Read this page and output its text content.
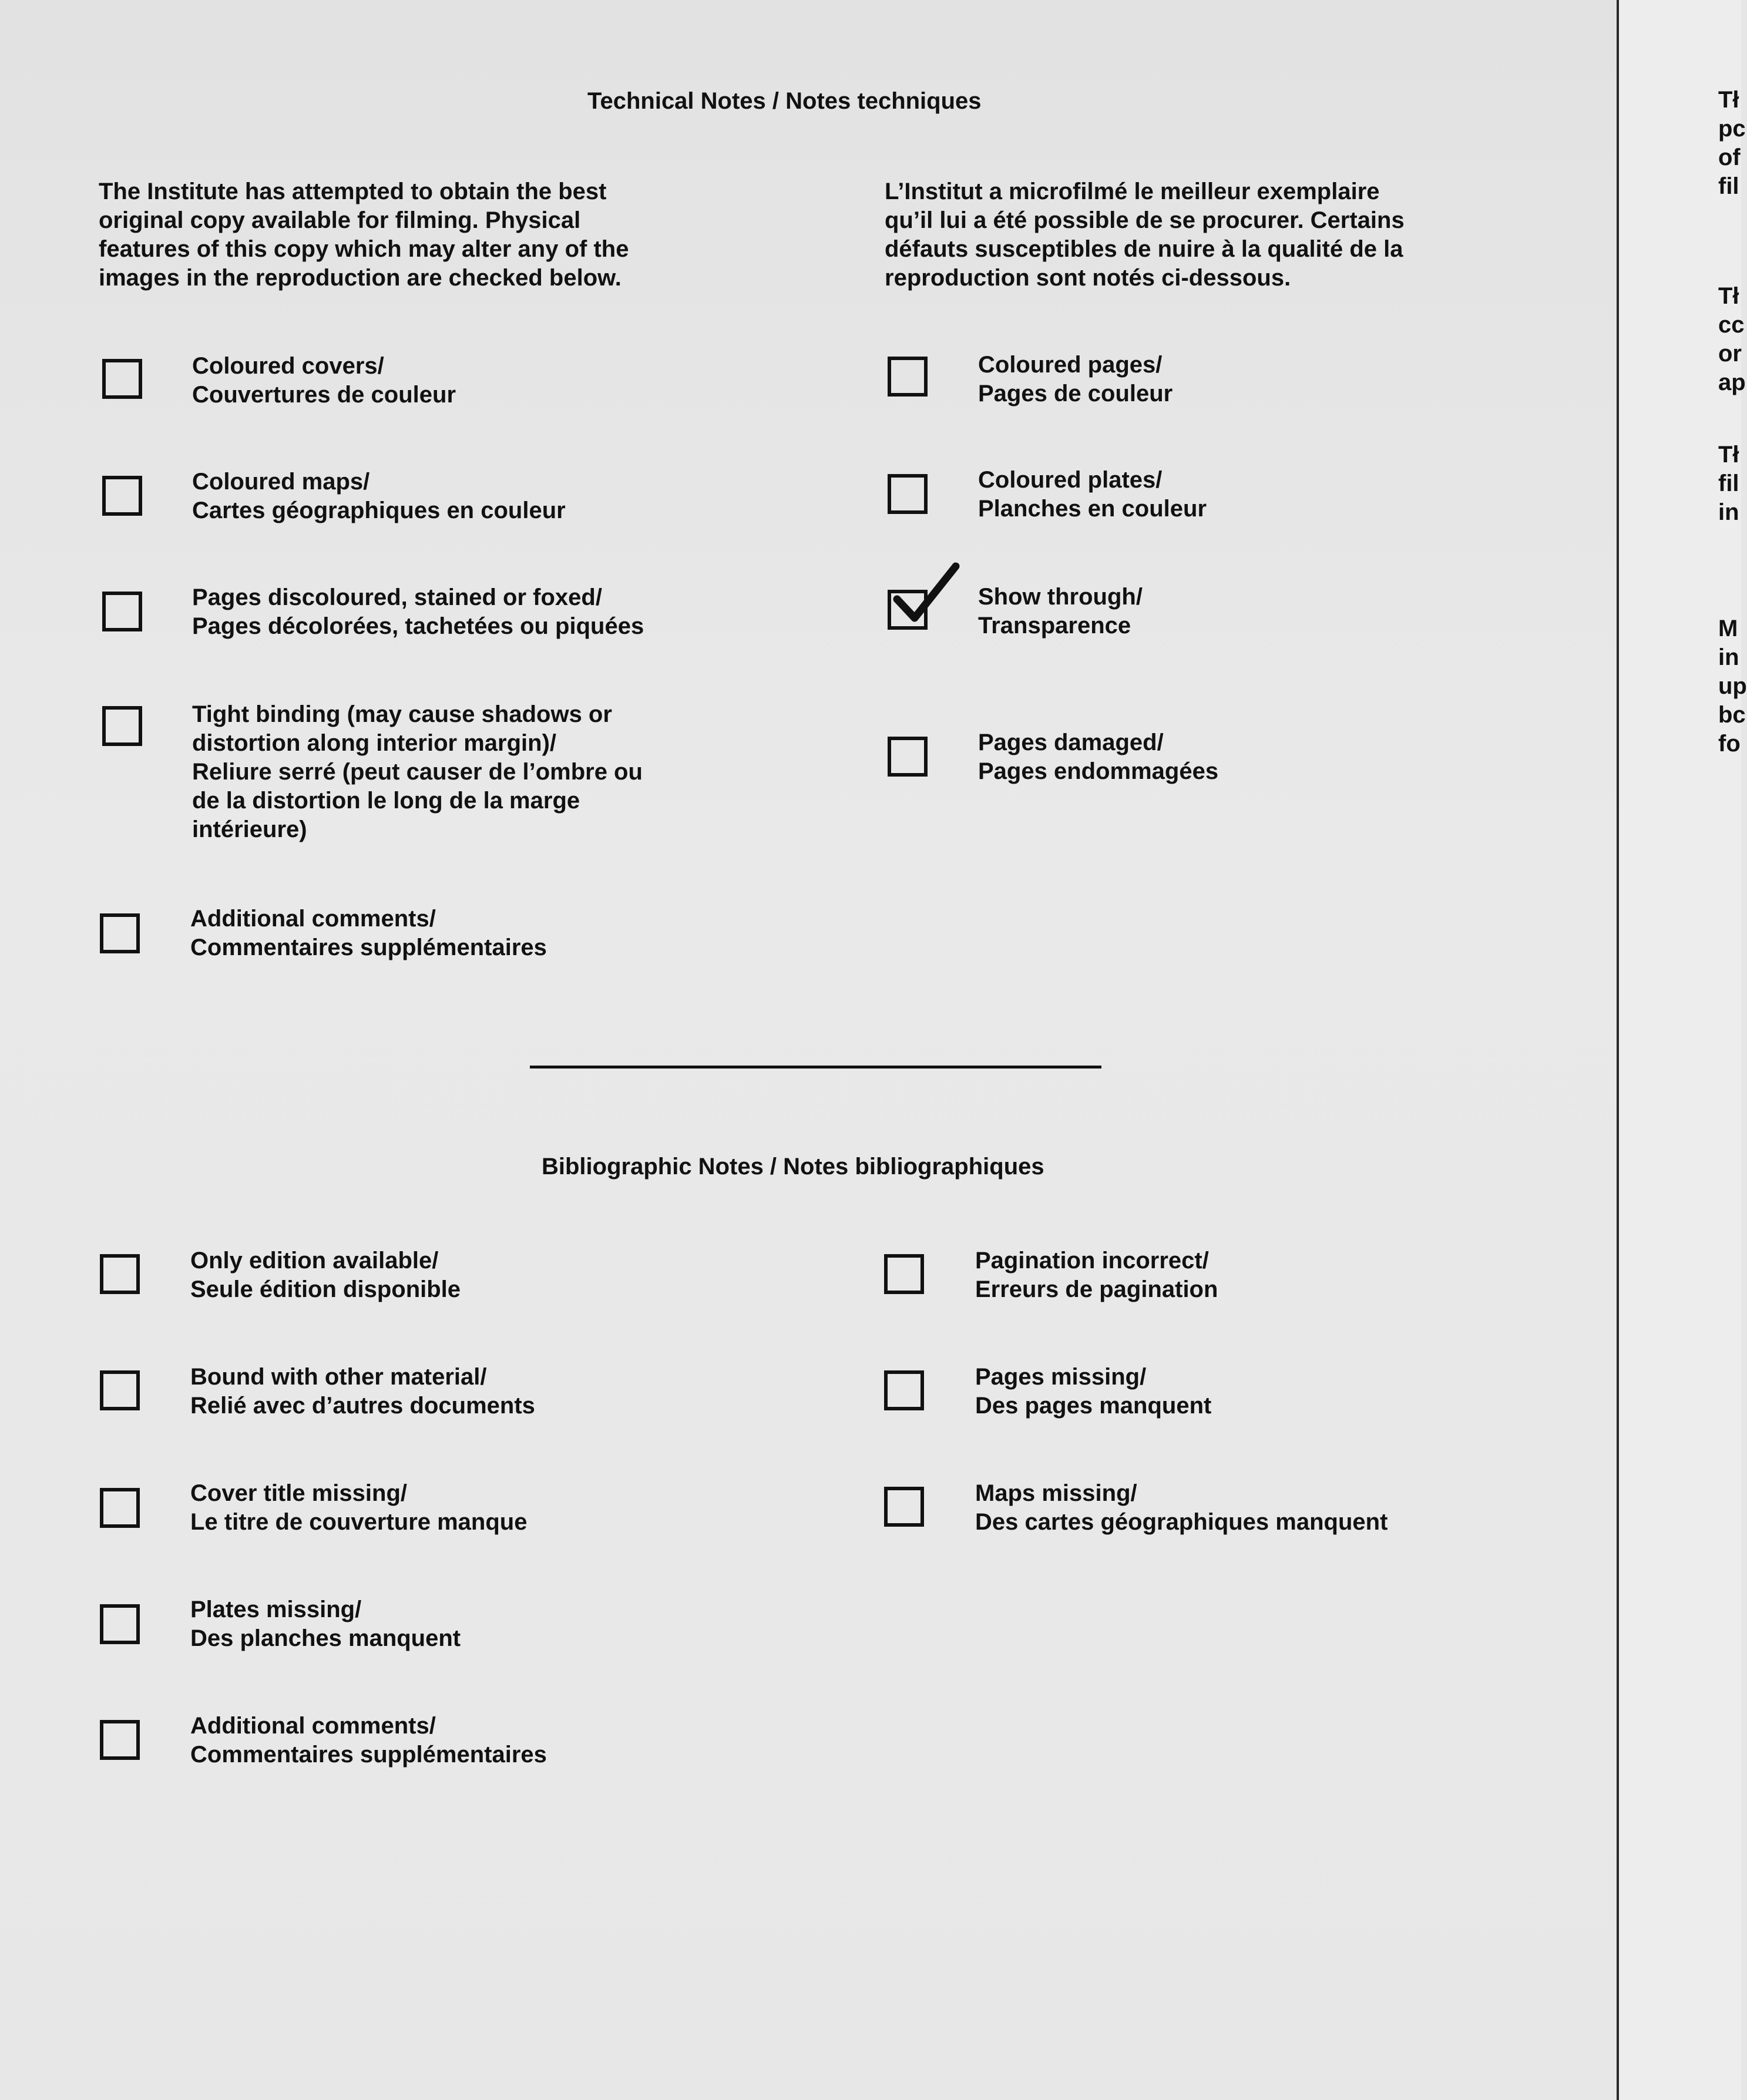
Technical Notes / Notes techniques
The Institute has attempted to obtain the best
original copy available for filming. Physical
features of this copy which may alter any of the
images in the reproduction are checked below.
L’Institut a microfilmé le meilleur exemplaire
qu’il lui a été possible de se procurer. Certains
défauts susceptibles de nuire à la qualité de la
reproduction sont notés ci-dessous.
Coloured covers/
Couvertures de couleur
Coloured maps/
Cartes géographiques en couleur
Pages discoloured, stained or foxed/
Pages décolorées, tachetées ou piquées
Tight binding (may cause shadows or
distortion along interior margin)/
Reliure serré (peut causer de l’ombre ou
de la distortion le long de la marge
intérieure)
Additional comments/
Commentaires supplémentaires
Coloured pages/
Pages de couleur
Coloured plates/
Planches en couleur
Show through/
Transparence
Pages damaged/
Pages endommagées
Bibliographic Notes / Notes bibliographiques
Only edition available/
Seule édition disponible
Bound with other material/
Relié avec d’autres documents
Cover title missing/
Le titre de couverture manque
Plates missing/
Des planches manquent
Additional comments/
Commentaires supplémentaires
Pagination incorrect/
Erreurs de pagination
Pages missing/
Des pages manquent
Maps missing/
Des cartes géographiques manquent
Tł
pc
of
fil
Tł
cc
or
ap
Tł
fil
in
M
in
up
bc
fo
